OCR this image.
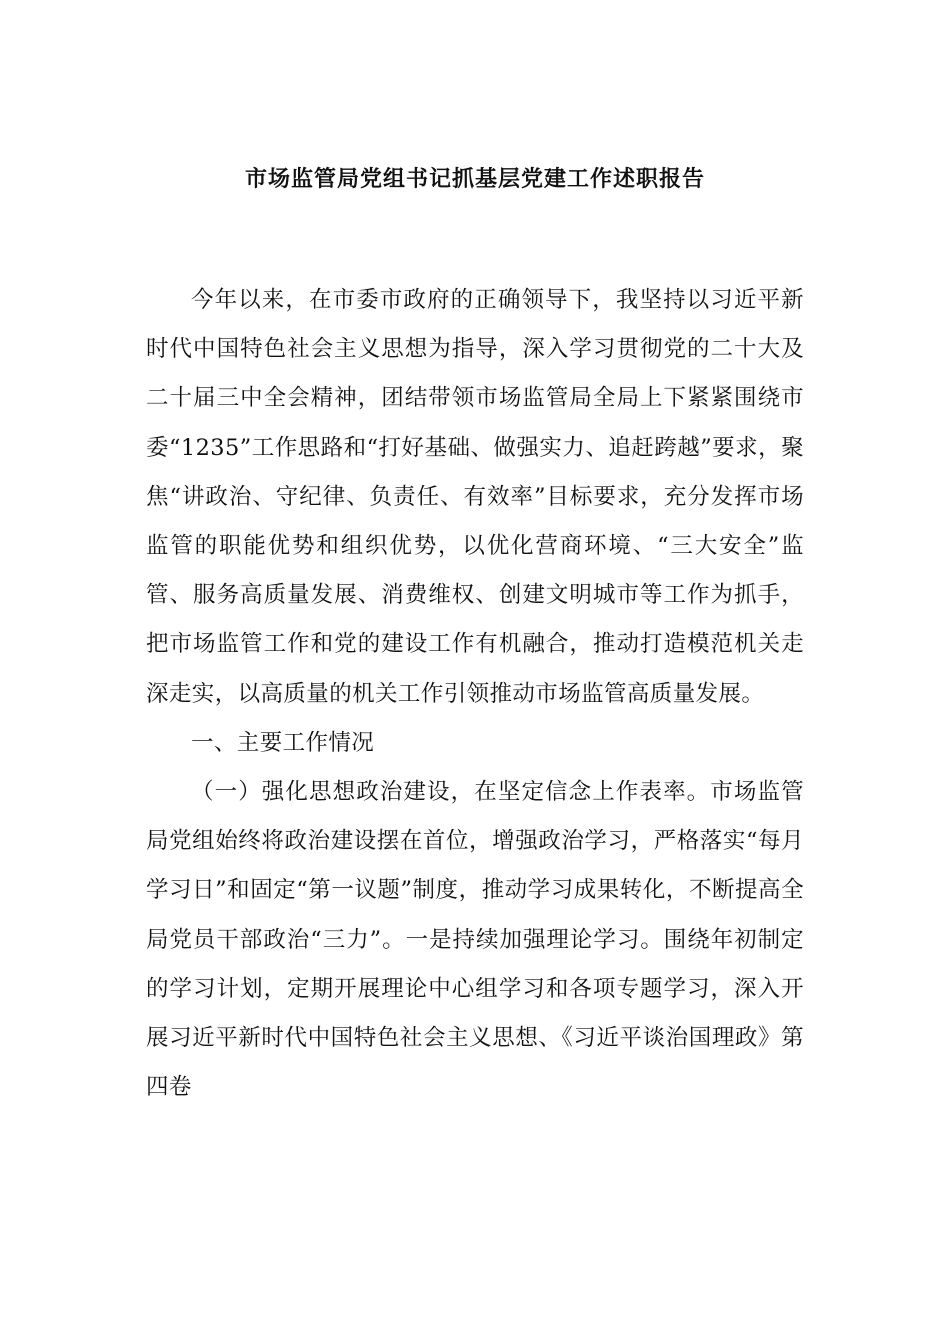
市场监管局党组书记抓基层党建工作述职报告

今年以来，在市委市政府的正确领导下，我坚持以习近平新时代中国特色社会主义思想为指导，深入学习贯彻党的二十大及二十届三中全会精神，团结带领市场监管局全局上下紧紧围绕市委“1235”工作思路和“打好基础、做强实力、追赶跨越”要求，聚焦“讲政治、守纪律、负责任、有效率”目标要求，充分发挥市场监管的职能优势和组织优势，以优化营商环境、“三大安全”监管、服务高质量发展、消费维权、创建文明城市等工作为抓手，把市场监管工作和党的建设工作有机融合，推动打造模范机关走深走实，以高质量的机关工作引领推动市场监管高质量发展。

一、主要工作情况

（一）强化思想政治建设，在坚定信念上作表率。市场监管局党组始终将政治建设摆在首位，增强政治学习，严格落实“每月学习日”和固定“第一议题”制度，推动学习成果转化，不断提高全局党员干部政治“三力”。一是持续加强理论学习。围绕年初制定的学习计划，定期开展理论中心组学习和各项专题学习，深入开展习近平新时代中国特色社会主义思想、《习近平谈治国理政》第四卷
